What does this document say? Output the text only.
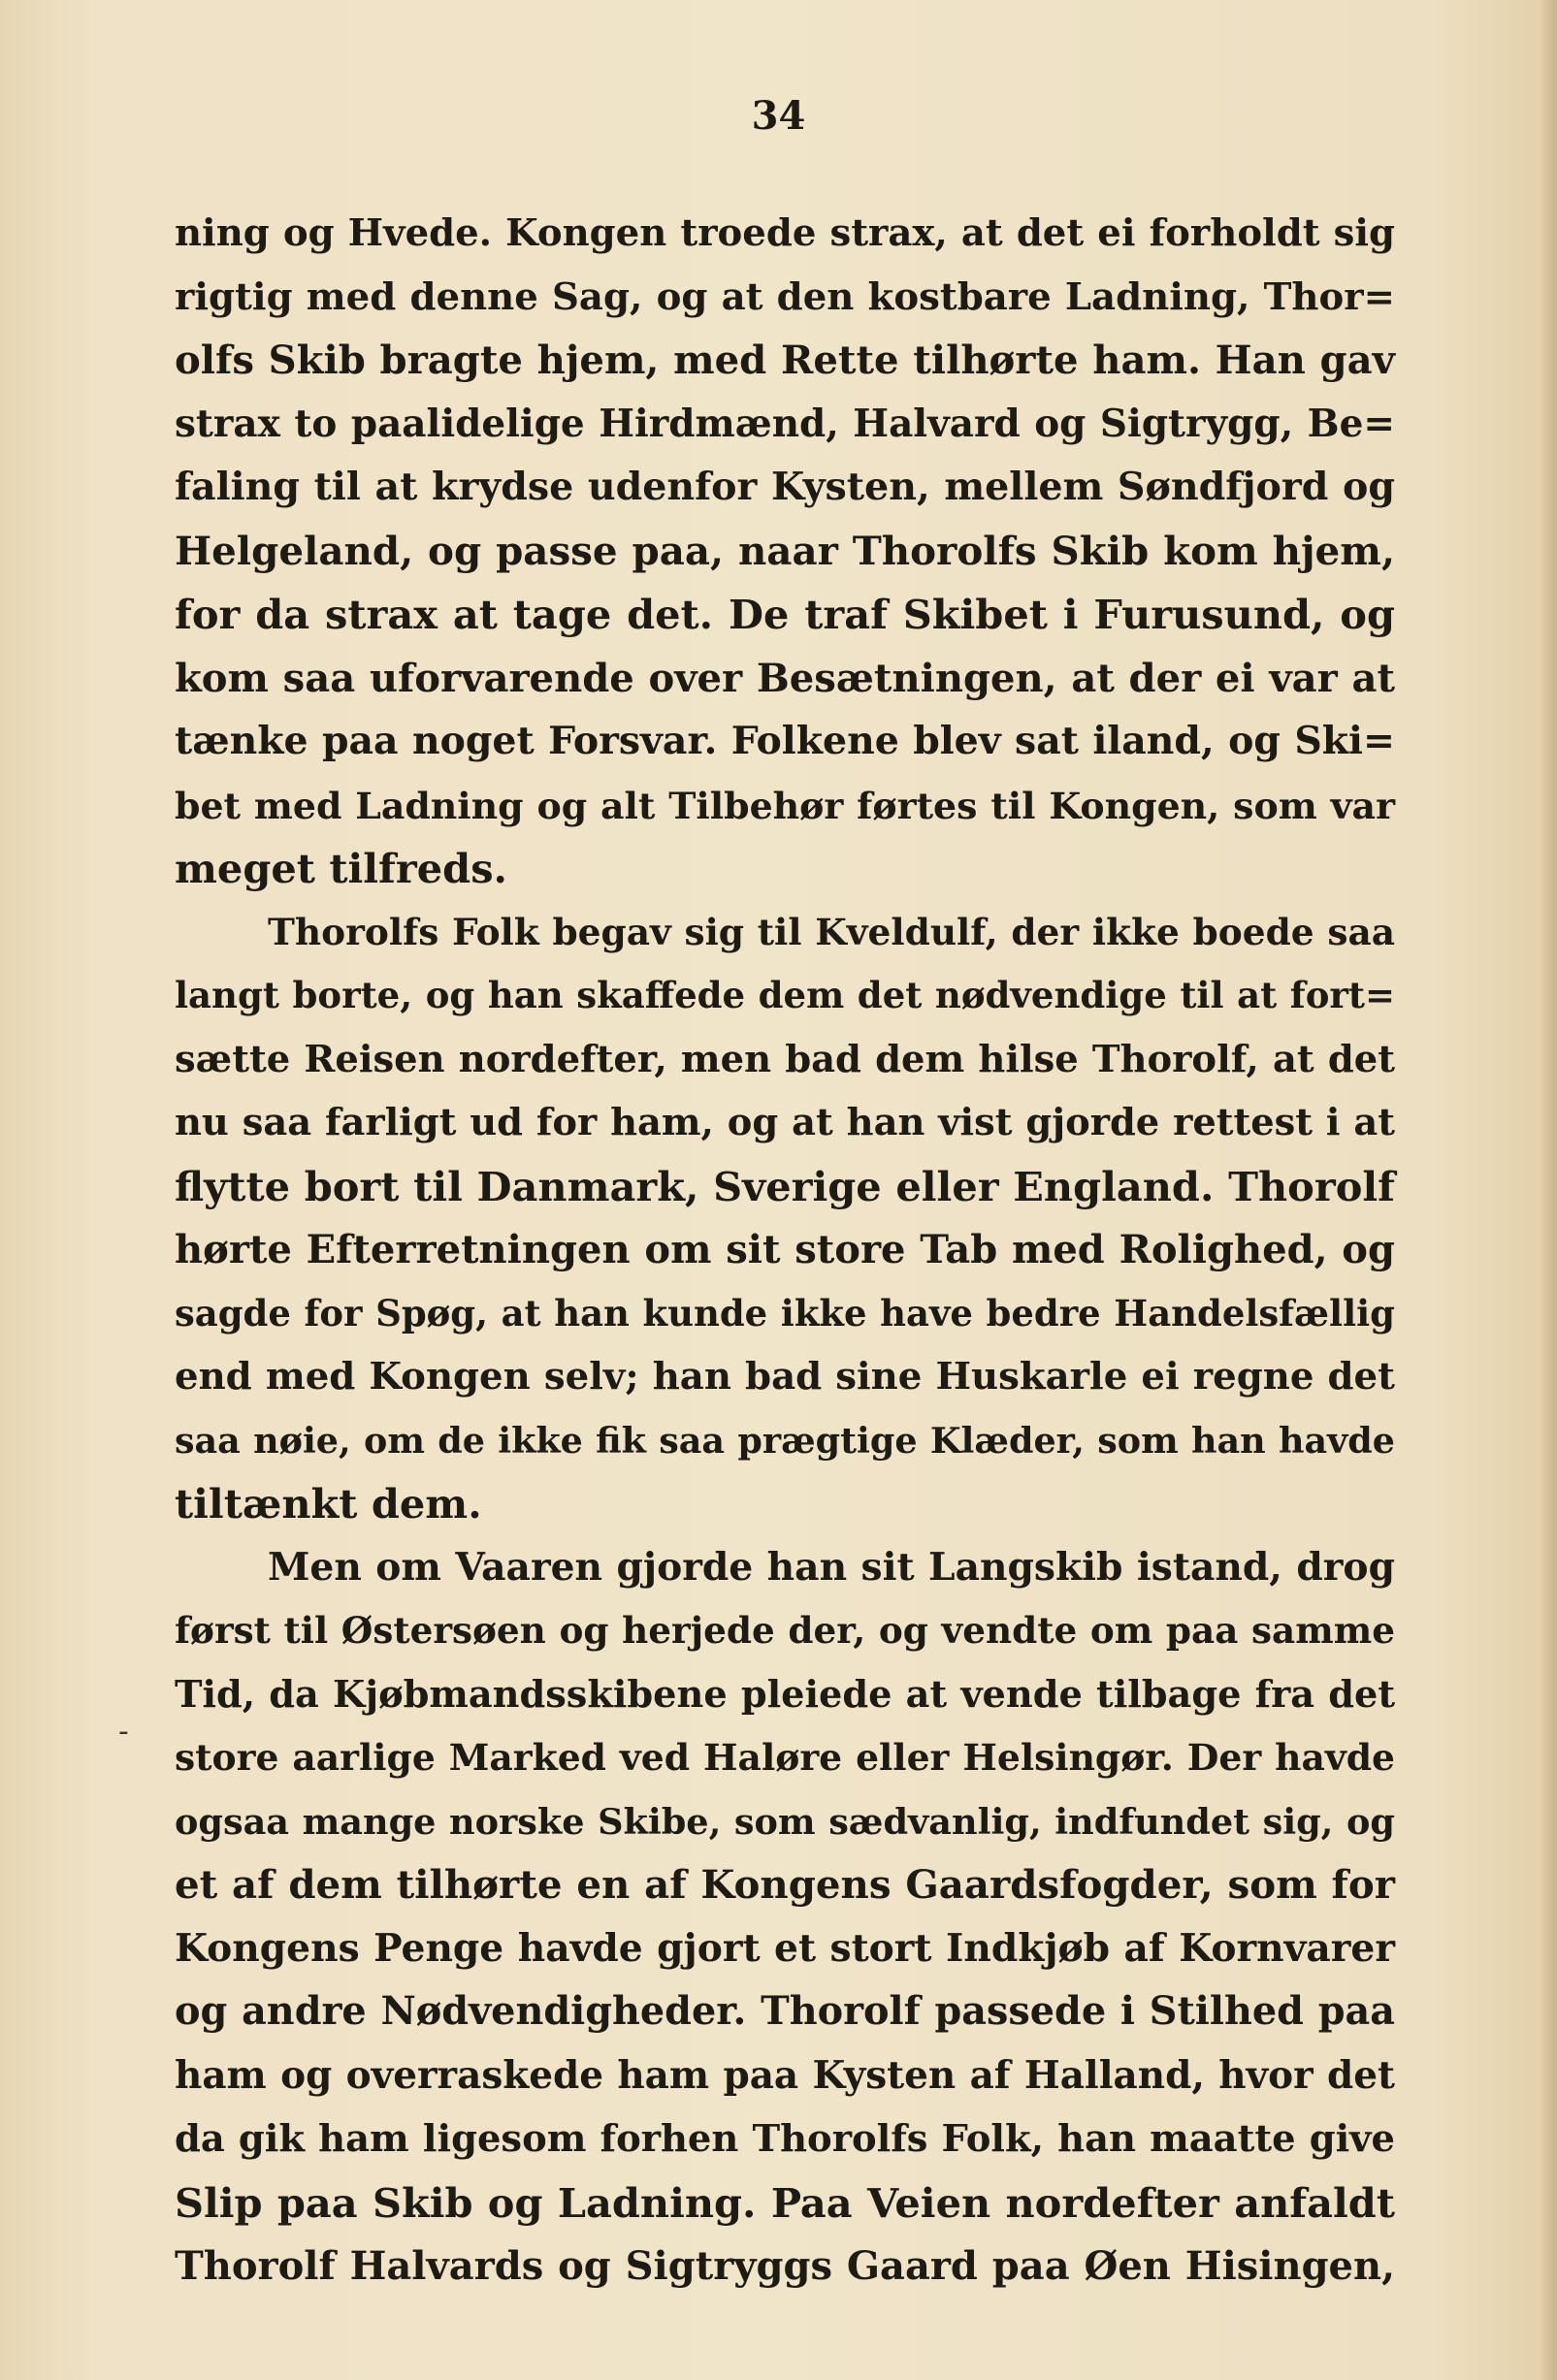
34
-
ning og Hvede. Kongen troede strax, at det ei forholdt sig
rigtig med denne Sag, og at den kostbare Ladning, Thor=
olfs Skib bragte hjem, med Rette tilhørte ham. Han gav
strax to paalidelige Hirdmænd, Halvard og Sigtrygg, Be=
faling til at krydse udenfor Kysten, mellem Søndfjord og
Helgeland, og passe paa, naar Thorolfs Skib kom hjem,
for da strax at tage det. De traf Skibet i Furusund, og
kom saa uforvarende over Besætningen, at der ei var at
tænke paa noget Forsvar. Folkene blev sat iland, og Ski=
bet med Ladning og alt Tilbehør førtes til Kongen, som var
meget tilfreds.
Thorolfs Folk begav sig til Kveldulf, der ikke boede saa
langt borte, og han skaffede dem det nødvendige til at fort=
sætte Reisen nordefter, men bad dem hilse Thorolf, at det
nu saa farligt ud for ham, og at han vist gjorde rettest i at
flytte bort til Danmark, Sverige eller England. Thorolf
hørte Efterretningen om sit store Tab med Rolighed, og
sagde for Spøg, at han kunde ikke have bedre Handelsfællig
end med Kongen selv; han bad sine Huskarle ei regne det
saa nøie, om de ikke fik saa prægtige Klæder, som han havde
tiltænkt dem.
Men om Vaaren gjorde han sit Langskib istand, drog
først til Østersøen og herjede der, og vendte om paa samme
Tid, da Kjøbmandsskibene pleiede at vende tilbage fra det
store aarlige Marked ved Haløre eller Helsingør. Der havde
ogsaa mange norske Skibe, som sædvanlig, indfundet sig, og
et af dem tilhørte en af Kongens Gaardsfogder, som for
Kongens Penge havde gjort et stort Indkjøb af Kornvarer
og andre Nødvendigheder. Thorolf passede i Stilhed paa
ham og overraskede ham paa Kysten af Halland, hvor det
da gik ham ligesom forhen Thorolfs Folk, han maatte give
Slip paa Skib og Ladning. Paa Veien nordefter anfaldt
Thorolf Halvards og Sigtryggs Gaard paa Øen Hisingen,
